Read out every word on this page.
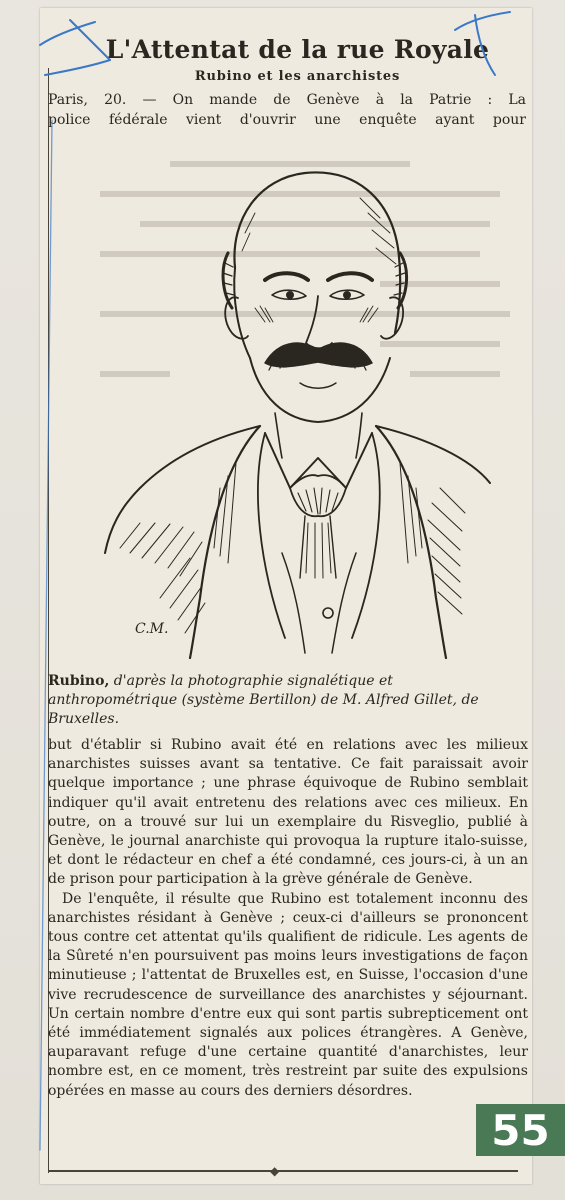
L'Attentat de la rue Royale
Rubino et les anarchistes

Paris, 20. — On mande de Genève à la Patrie : La

police fédérale vient d'ouvrir une enquête ayant pour

C.M.
Rubino, d'après la photographie signalétique et anthropométrique (système Bertillon) de M. Alfred Gillet, de Bruxelles.

but d'établir si Rubino avait été en relations avec les milieux anarchistes suisses avant sa tentative. Ce fait paraissait avoir quelque importance ; une phrase équivoque de Rubino semblait indiquer qu'il avait entretenu des relations avec ces milieux. En outre, on a trouvé sur lui un exemplaire du Risveglio, publié à Genève, le journal anarchiste qui provoqua la rupture italo-suisse, et dont le rédacteur en chef a été condamné, ces jours-ci, à un an de prison pour participation à la grève générale de Genève.

De l'enquête, il résulte que Rubino est totalement inconnu des anarchistes résidant à Genève ; ceux-ci d'ailleurs se prononcent tous contre cet attentat qu'ils qualifient de ridicule. Les agents de la Sûreté n'en poursuivent pas moins leurs investigations de façon minutieuse ; l'attentat de Bruxelles est, en Suisse, l'occasion d'une vive recrudescence de surveillance des anarchistes y séjournant. Un certain nombre d'entre eux qui sont partis subrepticement ont été immédiatement signalés aux polices étrangères. A Genève, auparavant refuge d'une certaine quantité d'anarchistes, leur nombre est, en ce moment, très restreint par suite des expulsions opérées en masse au cours des derniers désordres.

◆
55
